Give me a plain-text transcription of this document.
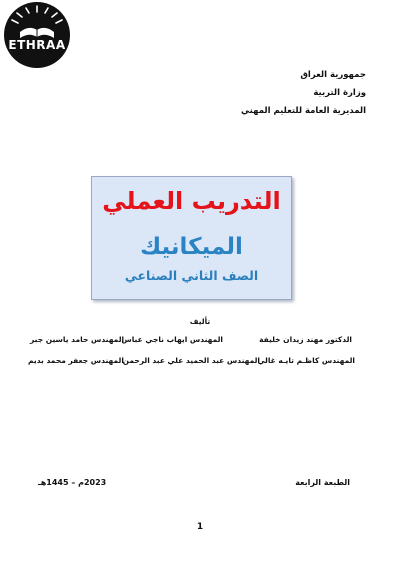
ETHRAA
جمهورية العراق
وزارة التربية
المديرية العامة للتعليم المهني
التدريب العملي
الميكانيك
الصف الثاني الصناعي
تأليف
الدكتور مهند زيدان خليفة
المهندس ايهاب ناجي عباس
المهندس حامد ياسين جبر
المهندس كاظـم تايـه غالي
المهندس عبد الحميد علي عبد الرحمن
المهندس جعفر محمد بديم
الطبعة الرابعة
2023م – 1445هـ
1
